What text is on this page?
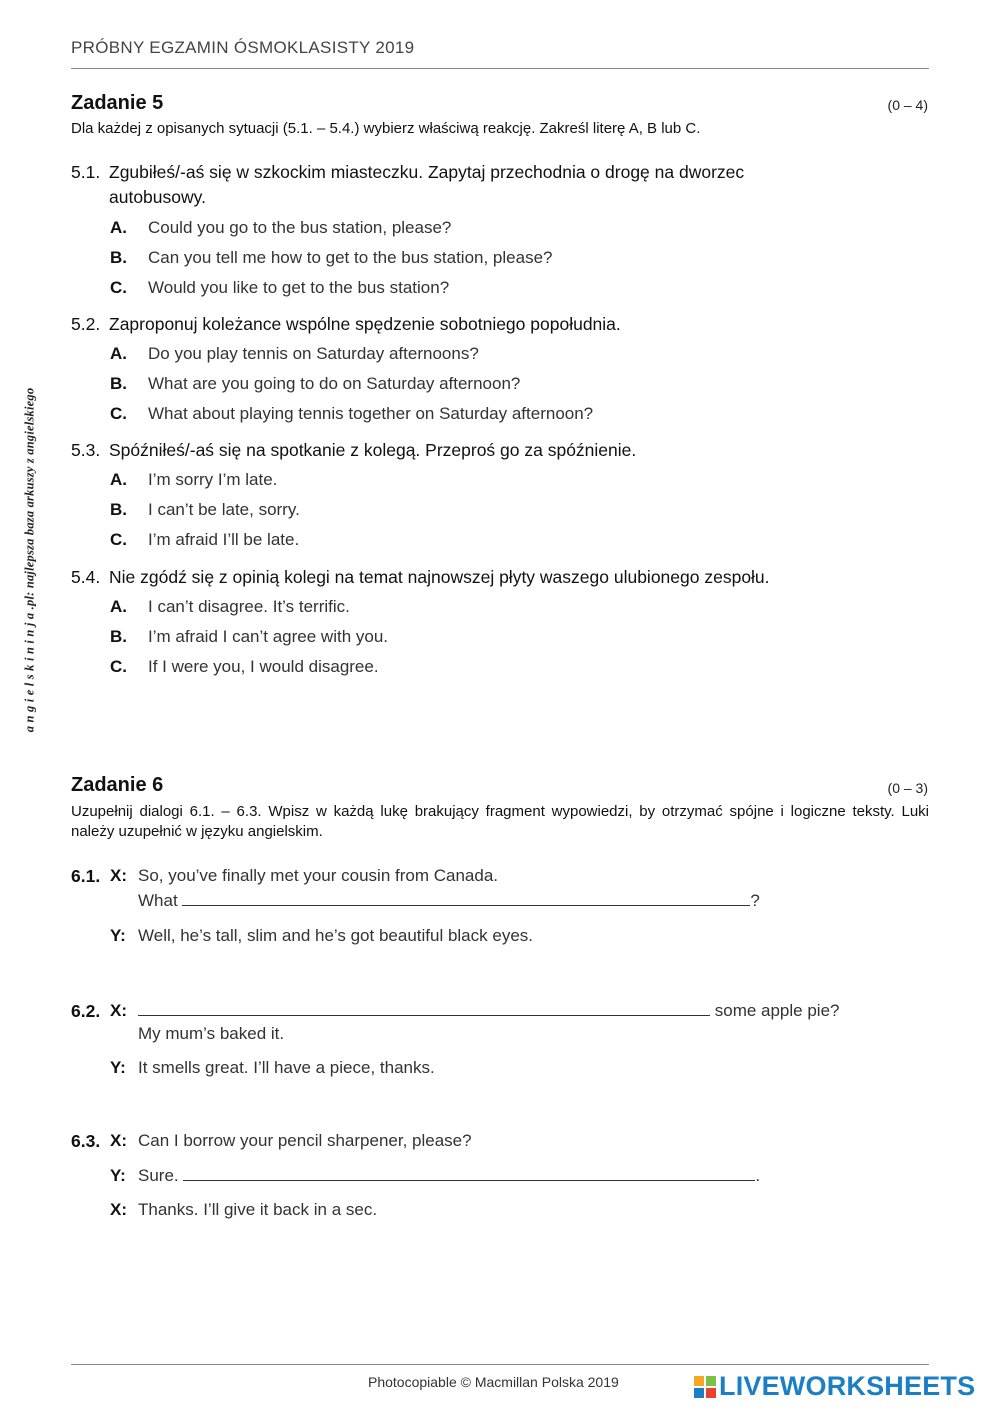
PRÓBNY EGZAMIN ÓSMOKLASISTY 2019
a n g i e l s k i n i n j a .pl: najlepsza baza arkuszy z angielskiego
Zadanie 5	(0 – 4)
Dla każdej z opisanych sytuacji (5.1. – 5.4.) wybierz właściwą reakcję. Zakreśl literę A, B lub C.
5.1. Zgubiłeś/-aś się w szkockim miasteczku. Zapytaj przechodnia o drogę na dworzec
autobusowy.
A. Could you go to the bus station, please?
B. Can you tell me how to get to the bus station, please?
C. Would you like to get to the bus station?
5.2. Zaproponuj koleżance wspólne spędzenie sobotniego popołudnia.
A. Do you play tennis on Saturday afternoons?
B. What are you going to do on Saturday afternoon?
C. What about playing tennis together on Saturday afternoon?
5.3. Spóźniłeś/-aś się na spotkanie z kolegą. Przeproś go za spóźnienie.
A. I’m sorry I’m late.
B. I can’t be late, sorry.
C. I’m afraid I’ll be late.
5.4. Nie zgódź się z opinią kolegi na temat najnowszej płyty waszego ulubionego zespołu.
A. I can’t disagree. It’s terrific.
B. I’m afraid I can’t agree with you.
C. If I were you, I would disagree.
Zadanie 6	(0 – 3)
Uzupełnij dialogi 6.1. – 6.3. Wpisz w każdą lukę brakujący fragment wypowiedzi, by otrzymać spójne i logiczne teksty. Luki należy uzupełnić w języku angielskim.
6.1. X: So, you’ve finally met your cousin from Canada.
What	?
Y: Well, he’s tall, slim and he’s got beautiful black eyes.
6.2. X:	some apple pie?
My mum’s baked it.
Y: It smells great. I’ll have a piece, thanks.
6.3. X: Can I borrow your pencil sharpener, please?
Y: Sure.	.
X: Thanks. I’ll give it back in a sec.
Photocopiable © Macmillan Polska 2019	LIVEWORKSHEETS
